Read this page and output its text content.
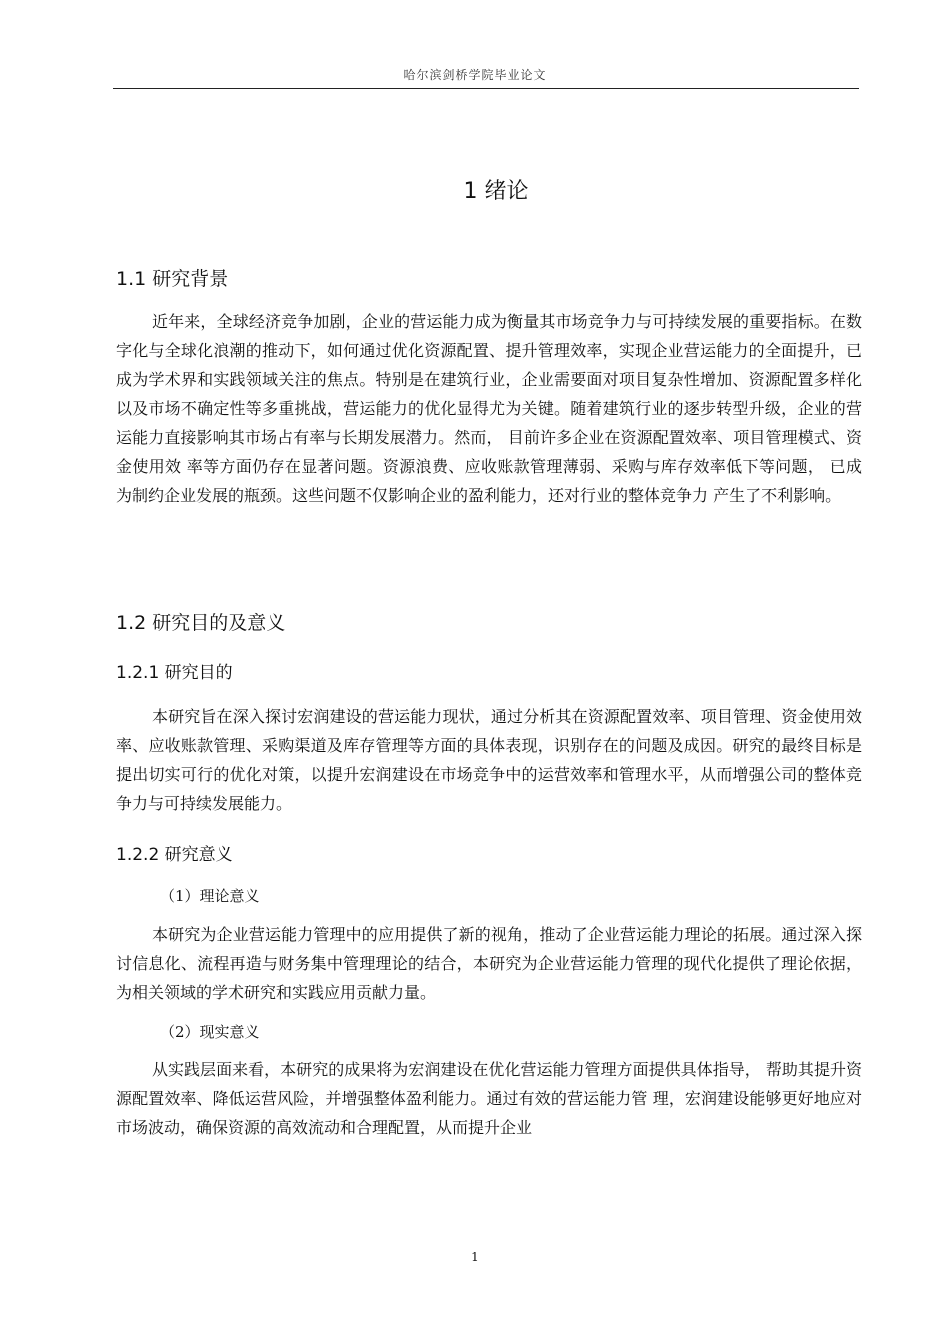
哈尔滨剑桥学院毕业论文
1 绪论
1.1 研究背景

近年来，全球经济竞争加剧，企业的营运能力成为衡量其市场竞争力与可持续发展的重要指标。在数字化与全球化浪潮的推动下，如何通过优化资源配置、提升管理效率，实现企业营运能力的全面提升，已成为学术界和实践领域关注的焦点。特别是在建筑行业，企业需要面对项目复杂性增加、资源配置多样化以及市场不确定性等多重挑战，营运能力的优化显得尤为关键。随着建筑行业的逐步转型升级，企业的营运能力直接影响其市场占有率与长期发展潜力。然而， 目前许多企业在资源配置效率、项目管理模式、资金使用效 率等方面仍存在显著问题。资源浪费、应收账款管理薄弱、采购与库存效率低下等问题， 已成为制约企业发展的瓶颈。这些问题不仅影响企业的盈利能力，还对行业的整体竞争力 产生了不利影响。

1.2 研究目的及意义
1.2.1 研究目的

本研究旨在深入探讨宏润建设的营运能力现状，通过分析其在资源配置效率、项目管理、资金使用效率、应收账款管理、采购渠道及库存管理等方面的具体表现，识别存在的问题及成因。研究的最终目标是提出切实可行的优化对策，以提升宏润建设在市场竞争中的运营效率和管理水平，从而增强公司的整体竞争力与可持续发展能力。

1.2.2 研究意义
（1）理论意义

本研究为企业营运能力管理中的应用提供了新的视角，推动了企业营运能力理论的拓展。通过深入探讨信息化、流程再造与财务集中管理理论的结合，本研究为企业营运能力管理的现代化提供了理论依据，为相关领域的学术研究和实践应用贡献力量。

（2）现实意义

从实践层面来看，本研究的成果将为宏润建设在优化营运能力管理方面提供具体指导， 帮助其提升资源配置效率、降低运营风险，并增强整体盈利能力。通过有效的营运能力管 理，宏润建设能够更好地应对市场波动，确保资源的高效流动和合理配置，从而提升企业

1
